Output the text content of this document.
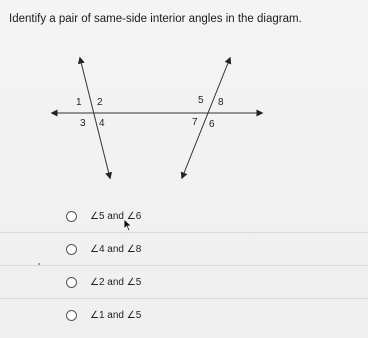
Identify a pair of same-side interior angles in the diagram.
1 2
3 4
5 8
7 6
∠5 and ∠6
∠4 and ∠8
∠2 and ∠5
∠1 and ∠5
